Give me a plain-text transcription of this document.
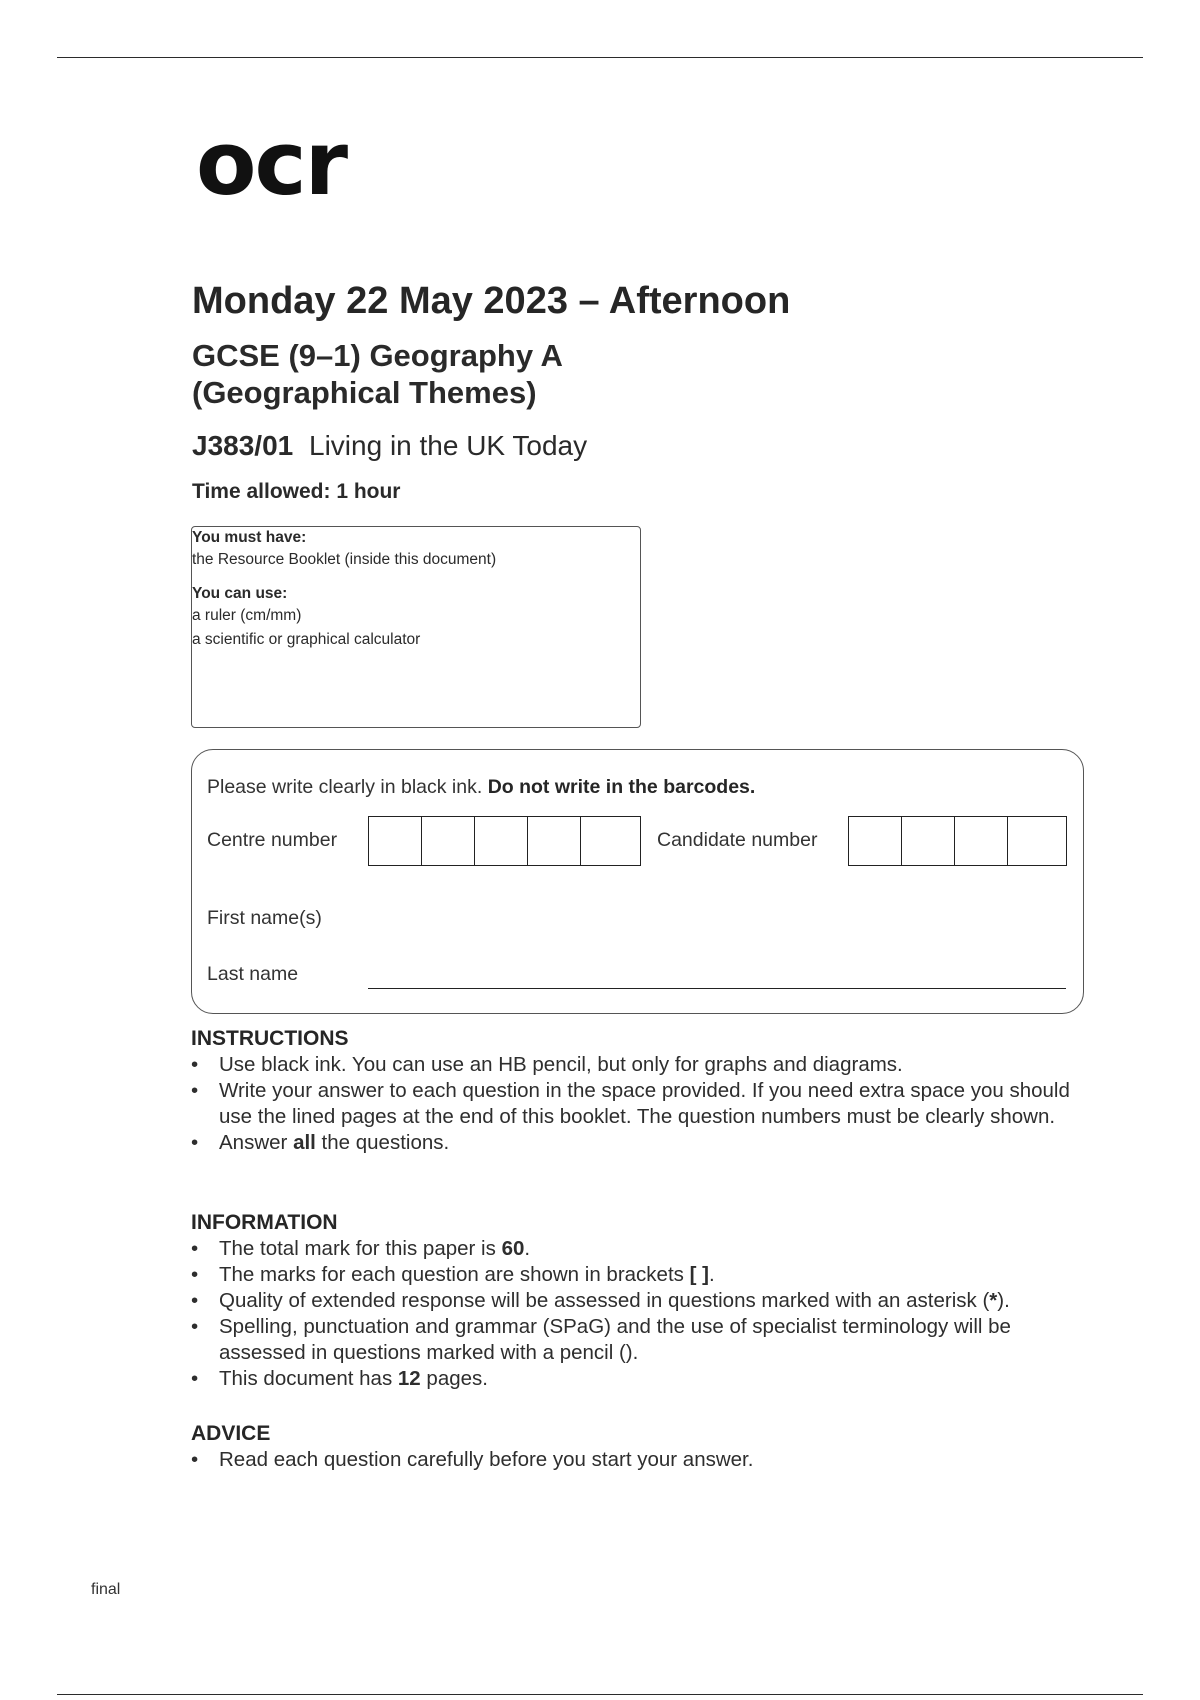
ocr
Monday 22 May 2023 – Afternoon
GCSE (9–1) Geography A
(Geographical Themes)
J383/01 Living in the UK Today
Time allowed: 1 hour
You must have:
the Resource Booklet (inside this document)
You can use:
a ruler (cm/mm)
a scientific or graphical calculator
Please write clearly in black ink. Do not write in the barcodes.
Centre number	Candidate number
First name(s)
Last name
INSTRUCTIONS
• Use black ink. You can use an HB pencil, but only for graphs and diagrams.
• Write your answer to each question in the space provided. If you need extra space you should use the lined pages at the end of this booklet. The question numbers must be clearly shown.
• Answer all the questions.
INFORMATION
• The total mark for this paper is 60.
• The marks for each question are shown in brackets [ ].
• Quality of extended response will be assessed in questions marked with an asterisk (*).
• Spelling, punctuation and grammar (SPaG) and the use of specialist terminology will be assessed in questions marked with a pencil ().
• This document has 12 pages.
ADVICE
• Read each question carefully before you start your answer.
final
